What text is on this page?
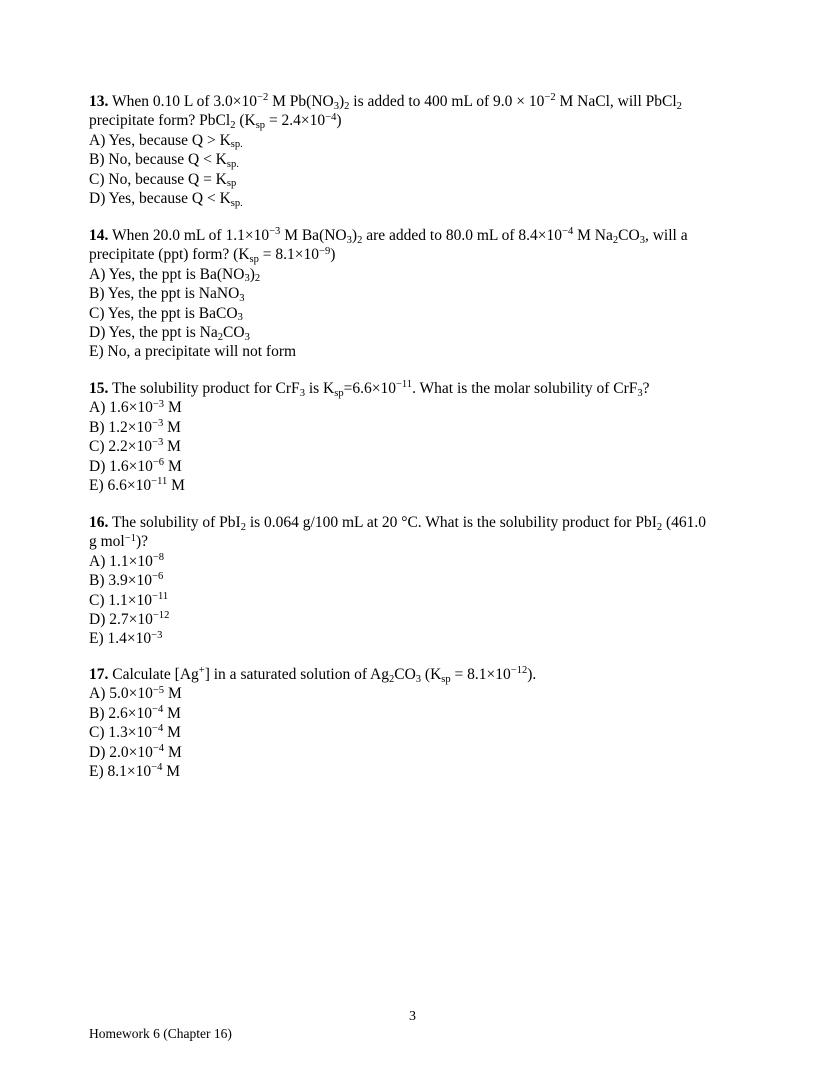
13. When 0.10 L of $3.0\times 10^{-2}$ M $Pb(NO_3)_2$ is added to 400 mL of $9.0 \times 10^{-2}$ M NaCl, will PbCl$_2$
precipitate form? PbCl$_2$ $(K_{sp} = 2.4\times 10^{-4})$
A) Yes, because $Q > K_{sp.}$
B) No, because $Q < K_{sp.}$
C) No, because $Q = K_{sp}$
D) Yes, because $Q < K_{sp.}$
14. When 20.0 mL of $1.1\times 10^{-3}$ M $Ba(NO_3)_2$ are added to 80.0 mL of $8.4\times 10^{-4}$ M $Na_2CO_3$, will a
precipitate (ppt) form? $(K_{sp} = 8.1\times 10^{-9})$
A) Yes, the ppt is $Ba(NO_3)_2$
B) Yes, the ppt is NaNO$_3$
C) Yes, the ppt is BaCO$_3$
D) Yes, the ppt is $Na_2CO_3$
E) No, a precipitate will not form
15. The solubility product for CrF$_3$ is $K_{sp}=6.6\times 10^{-11}$. What is the molar solubility of CrF$_3$?
A) $1.6\times 10^{-3}$ M
B) $1.2\times 10^{-3}$ M
C) $2.2\times 10^{-3}$ M
D) $1.6\times 10^{-6}$ M
E) $6.6\times 10^{-11}$ M
16. The solubility of PbI$_2$ is 0.064 g/100 mL at 20 °C. What is the solubility product for PbI$_2$ (461.0
g mol$^{-1}$)?
A) $1.1\times 10^{-8}$
B) $3.9\times 10^{-6}$
C) $1.1\times 10^{-11}$
D) $2.7\times 10^{-12}$
E) $1.4\times 10^{-3}$
17. Calculate [Ag+] in a saturated solution of $Ag_2CO_3$ $(K_{sp} = 8.1\times 10^{-12})$.
A) $5.0\times 10^{-5}$ M
B) $2.6\times 10^{-4}$ M
C) $1.3\times 10^{-4}$ M
D) $2.0\times 10^{-4}$ M
E) $8.1\times 10^{-4}$ M
3
Homework 6 (Chapter 16)
